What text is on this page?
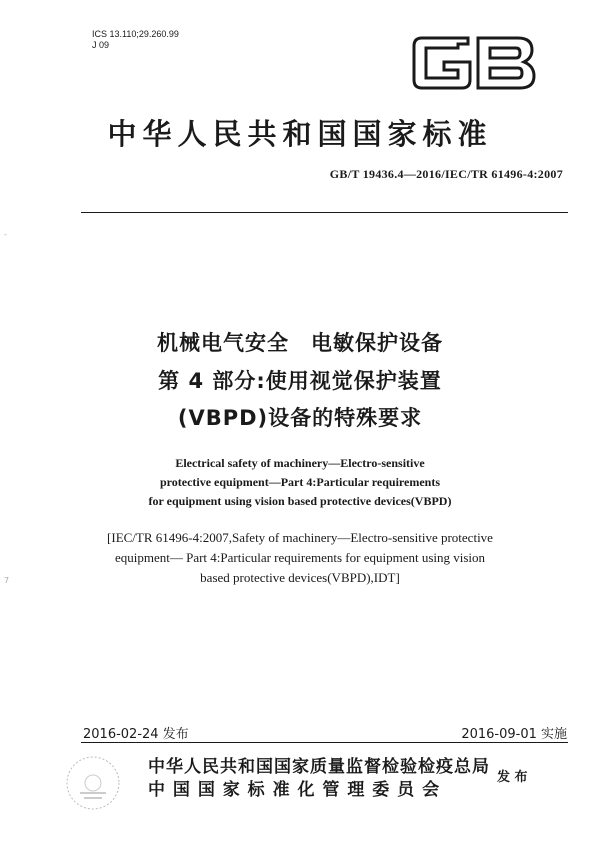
ICS 13.110;29.260.99
J 09
GB
中华人民共和国国家标准
GB/T 19436.4—2016/IEC/TR 61496-4:2007
机械电气安全　电敏保护设备
第 4 部分:使用视觉保护装置
(VBPD)设备的特殊要求
Electrical safety of machinery—Electro-sensitive
protective equipment—Part 4:Particular requirements
for equipment using vision based protective devices(VBPD)
[IEC/TR 61496-4:2007,Safety of machinery—Electro-sensitive protective
equipment— Part 4:Particular requirements for equipment using vision
based protective devices(VBPD),IDT]
-
7
2016-02-24 发布	2016-09-01 实施
中华人民共和国国家质量监督检验检疫总局
中 国 国 家 标 准 化 管 理 委 员 会
发 布
